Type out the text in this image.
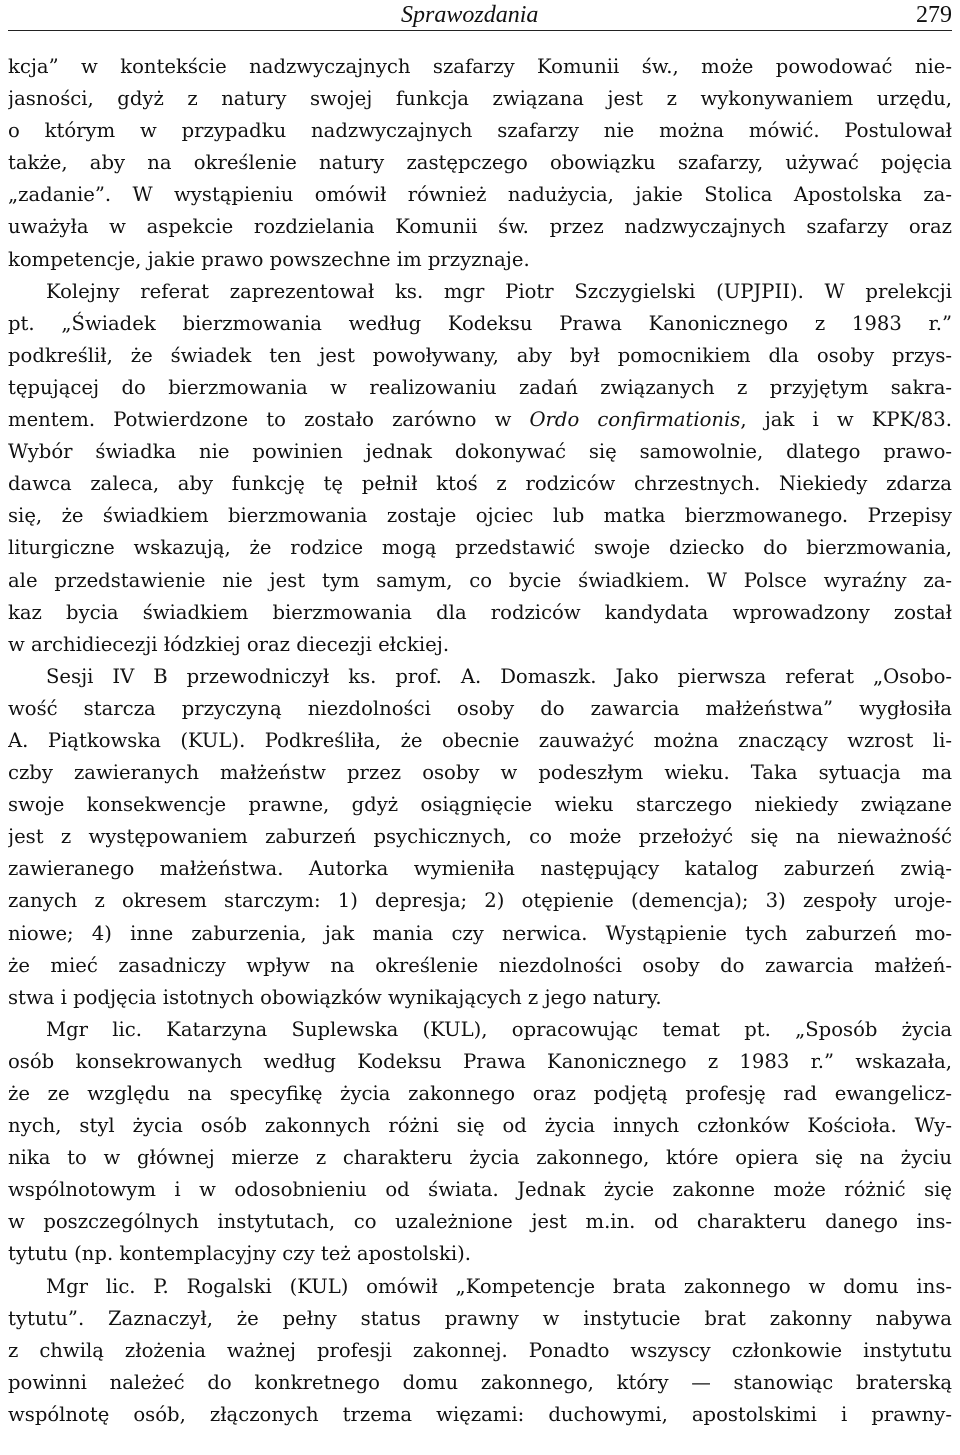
Sprawozdania	279
kcja” w kontekście nadzwyczajnych szafarzy Komunii św., może powodować nie-
jasności, gdyż z natury swojej funkcja związana jest z wykonywaniem urzędu,
o którym w przypadku nadzwyczajnych szafarzy nie można mówić. Postulował
także, aby na określenie natury zastępczego obowiązku szafarzy, używać pojęcia
„zadanie”. W wystąpieniu omówił również nadużycia, jakie Stolica Apostolska za-
uważyła w aspekcie rozdzielania Komunii św. przez nadzwyczajnych szafarzy oraz
kompetencje, jakie prawo powszechne im przyznaje.
Kolejny referat zaprezentował ks. mgr Piotr Szczygielski (UPJPII). W prelekcji
pt. „Świadek bierzmowania według Kodeksu Prawa Kanonicznego z 1983 r.”
podkreślił, że świadek ten jest powoływany, aby był pomocnikiem dla osoby przys-
tępującej do bierzmowania w realizowaniu zadań związanych z przyjętym sakra-
mentem. Potwierdzone to zostało zarówno w Ordo confirmationis, jak i w KPK/83.
Wybór świadka nie powinien jednak dokonywać się samowolnie, dlatego prawo-
dawca zaleca, aby funkcję tę pełnił ktoś z rodziców chrzestnych. Niekiedy zdarza
się, że świadkiem bierzmowania zostaje ojciec lub matka bierzmowanego. Przepisy
liturgiczne wskazują, że rodzice mogą przedstawić swoje dziecko do bierzmowania,
ale przedstawienie nie jest tym samym, co bycie świadkiem. W Polsce wyraźny za-
kaz bycia świadkiem bierzmowania dla rodziców kandydata wprowadzony został
w archidiecezji łódzkiej oraz diecezji ełckiej.
Sesji IV B przewodniczył ks. prof. A. Domaszk. Jako pierwsza referat „Osobo-
wość starcza przyczyną niezdolności osoby do zawarcia małżeństwa” wygłosiła
A. Piątkowska (KUL). Podkreśliła, że obecnie zauważyć można znaczący wzrost li-
czby zawieranych małżeństw przez osoby w podeszłym wieku. Taka sytuacja ma
swoje konsekwencje prawne, gdyż osiągnięcie wieku starczego niekiedy związane
jest z występowaniem zaburzeń psychicznych, co może przełożyć się na nieważność
zawieranego małżeństwa. Autorka wymieniła następujący katalog zaburzeń zwią-
zanych z okresem starczym: 1) depresja; 2) otępienie (demencja); 3) zespoły uroje-
niowe; 4) inne zaburzenia, jak mania czy nerwica. Wystąpienie tych zaburzeń mo-
że mieć zasadniczy wpływ na określenie niezdolności osoby do zawarcia małżeń-
stwa i podjęcia istotnych obowiązków wynikających z jego natury.
Mgr lic. Katarzyna Suplewska (KUL), opracowując temat pt. „Sposób życia
osób konsekrowanych według Kodeksu Prawa Kanonicznego z 1983 r.” wskazała,
że ze względu na specyfikę życia zakonnego oraz podjętą profesję rad ewangelicz-
nych, styl życia osób zakonnych różni się od życia innych członków Kościoła. Wy-
nika to w głównej mierze z charakteru życia zakonnego, które opiera się na życiu
wspólnotowym i w odosobnieniu od świata. Jednak życie zakonne może różnić się
w poszczególnych instytutach, co uzależnione jest m.in. od charakteru danego ins-
tytutu (np. kontemplacyjny czy też apostolski).
Mgr lic. P. Rogalski (KUL) omówił „Kompetencje brata zakonnego w domu ins-
tytutu”. Zaznaczył, że pełny status prawny w instytucie brat zakonny nabywa
z chwilą złożenia ważnej profesji zakonnej. Ponadto wszyscy członkowie instytutu
powinni należeć do konkretnego domu zakonnego, który — stanowiąc braterską
wspólnotę osób, złączonych trzema więzami: duchowymi, apostolskimi i prawny-
